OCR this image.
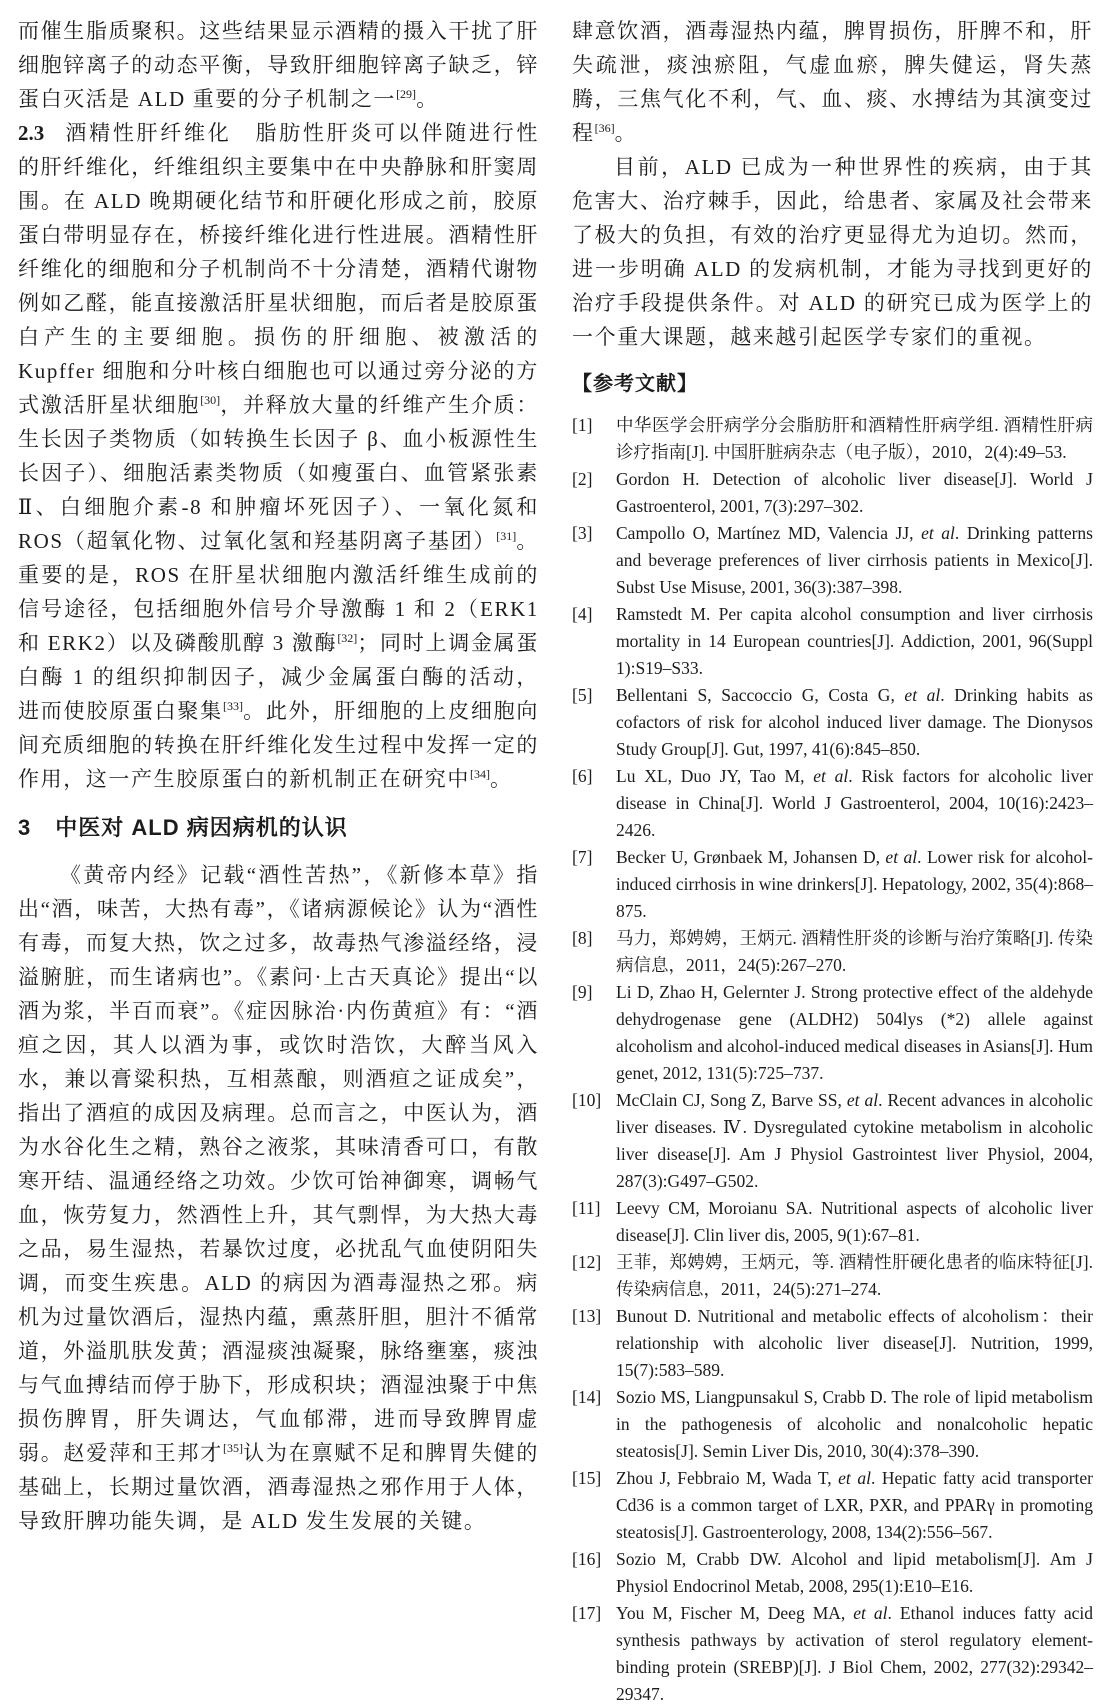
而催生脂质聚积。这些结果显示酒精的摄入干扰了肝细胞锌离子的动态平衡，导致肝细胞锌离子缺乏，锌蛋白灭活是 ALD 重要的分子机制之一[29]。

2.3 酒精性肝纤维化 脂肪性肝炎可以伴随进行性的肝纤维化，纤维组织主要集中在中央静脉和肝窦周围。在 ALD 晚期硬化结节和肝硬化形成之前，胶原蛋白带明显存在，桥接纤维化进行性进展。酒精性肝纤维化的细胞和分子机制尚不十分清楚，酒精代谢物例如乙醛，能直接激活肝星状细胞，而后者是胶原蛋白产生的主要细胞。损伤的肝细胞、被激活的 Kupffer 细胞和分叶核白细胞也可以通过旁分泌的方式激活肝星状细胞[30]，并释放大量的纤维产生介质：生长因子类物质（如转换生长因子 β、血小板源性生长因子）、细胞活素类物质（如瘦蛋白、血管紧张素Ⅱ、白细胞介素-8 和肿瘤坏死因子）、一氧化氮和 ROS（超氧化物、过氧化氢和羟基阴离子基团）[31]。重要的是，ROS 在肝星状细胞内激活纤维生成前的信号途径，包括细胞外信号介导激酶 1 和 2（ERK1 和 ERK2）以及磷酸肌醇 3 激酶[32]；同时上调金属蛋白酶 1 的组织抑制因子，减少金属蛋白酶的活动，进而使胶原蛋白聚集[33]。此外，肝细胞的上皮细胞向间充质细胞的转换在肝纤维化发生过程中发挥一定的作用，这一产生胶原蛋白的新机制正在研究中[34]。

3 中医对 ALD 病因病机的认识

《黄帝内经》记载“酒性苦热”，《新修本草》指出“酒，味苦，大热有毒”，《诸病源候论》认为“酒性有毒，而复大热，饮之过多，故毒热气渗溢经络，浸溢腑脏，而生诸病也”。《素问·上古天真论》提出“以酒为浆，半百而衰”。《症因脉治·内伤黄疸》有：“酒疸之因，其人以酒为事，或饮时浩饮，大醉当风入水，兼以膏粱积热，互相蒸酿，则酒疸之证成矣”，指出了酒疸的成因及病理。总而言之，中医认为，酒为水谷化生之精，熟谷之液浆，其味清香可口，有散寒开结、温通经络之功效。少饮可饴神御寒，调畅气血，恢劳复力，然酒性上升，其气剽悍，为大热大毒之品，易生湿热，若暴饮过度，必扰乱气血使阴阳失调，而变生疾患。ALD 的病因为酒毒湿热之邪。病机为过量饮酒后，湿热内蕴，熏蒸肝胆，胆汁不循常道，外溢肌肤发黄；酒湿痰浊凝聚，脉络壅塞，痰浊与气血搏结而停于胁下，形成积块；酒湿浊聚于中焦损伤脾胃，肝失调达，气血郁滞，进而导致脾胃虚弱。赵爱萍和王邦才[35]认为在禀赋不足和脾胃失健的基础上，长期过量饮酒，酒毒湿热之邪作用于人体，导致肝脾功能失调，是 ALD 发生发展的关键。

肆意饮酒，酒毒湿热内蕴，脾胃损伤，肝脾不和，肝失疏泄，痰浊瘀阻，气虚血瘀，脾失健运，肾失蒸腾，三焦气化不利，气、血、痰、水搏结为其演变过程[36]。

目前，ALD 已成为一种世界性的疾病，由于其危害大、治疗棘手，因此，给患者、家属及社会带来了极大的负担，有效的治疗更显得尤为迫切。然而，进一步明确 ALD 的发病机制，才能为寻找到更好的治疗手段提供条件。对 ALD 的研究已成为医学上的一个重大课题，越来越引起医学专家们的重视。

【参考文献】
[1]	中华医学会肝病学分会脂肪肝和酒精性肝病学组. 酒精性肝病诊疗指南[J]. 中国肝脏病杂志（电子版），2010，2(4):49–53.
[2]	Gordon H. Detection of alcoholic liver disease[J]. World J Gastroenterol, 2001, 7(3):297–302.
[3]	Campollo O, Martínez MD, Valencia JJ, et al. Drinking patterns and beverage preferences of liver cirrhosis patients in Mexico[J]. Subst Use Misuse, 2001, 36(3):387–398.
[4]	Ramstedt M. Per capita alcohol consumption and liver cirrhosis mortality in 14 European countries[J]. Addiction, 2001, 96(Suppl 1):S19–S33.
[5]	Bellentani S, Saccoccio G, Costa G, et al. Drinking habits as cofactors of risk for alcohol induced liver damage. The Dionysos Study Group[J]. Gut, 1997, 41(6):845–850.
[6]	Lu XL, Duo JY, Tao M, et al. Risk factors for alcoholic liver disease in China[J]. World J Gastroenterol, 2004, 10(16):2423–2426.
[7]	Becker U, Grønbaek M, Johansen D, et al. Lower risk for alcohol-induced cirrhosis in wine drinkers[J]. Hepatology, 2002, 35(4):868–875.
[8]	马力，郑娉娉，王炳元. 酒精性肝炎的诊断与治疗策略[J]. 传染病信息，2011，24(5):267–270.
[9]	Li D, Zhao H, Gelernter J. Strong protective effect of the aldehyde dehydrogenase gene (ALDH2) 504lys (*2) allele against alcoholism and alcohol-induced medical diseases in Asians[J]. Hum genet, 2012, 131(5):725–737.
[10] McClain CJ, Song Z, Barve SS, et al. Recent advances in alcoholic liver diseases. Ⅳ. Dysregulated cytokine metabolism in alcoholic liver disease[J]. Am J Physiol Gastrointest liver Physiol, 2004, 287(3):G497–G502.
[11] Leevy CM, Moroianu SA. Nutritional aspects of alcoholic liver disease[J]. Clin liver dis, 2005, 9(1):67–81.
[12] 王菲，郑娉娉，王炳元，等. 酒精性肝硬化患者的临床特征[J]. 传染病信息，2011，24(5):271–274.
[13] Bunout D. Nutritional and metabolic effects of alcoholism：their relationship with alcoholic liver disease[J]. Nutrition, 1999, 15(7):583–589.
[14] Sozio MS, Liangpunsakul S, Crabb D. The role of lipid metabolism in the pathogenesis of alcoholic and nonalcoholic hepatic steatosis[J]. Semin Liver Dis, 2010, 30(4):378–390.
[15] Zhou J, Febbraio M, Wada T, et al. Hepatic fatty acid transporter Cd36 is a common target of LXR, PXR, and PPARγ in promoting steatosis[J]. Gastroenterology, 2008, 134(2):556–567.
[16] Sozio M, Crabb DW. Alcohol and lipid metabolism[J]. Am J Physiol Endocrinol Metab, 2008, 295(1):E10–E16.
[17] You M, Fischer M, Deeg MA, et al. Ethanol induces fatty acid synthesis pathways by activation of sterol regulatory element-binding protein (SREBP)[J]. J Biol Chem, 2002, 277(32):29342–29347.
